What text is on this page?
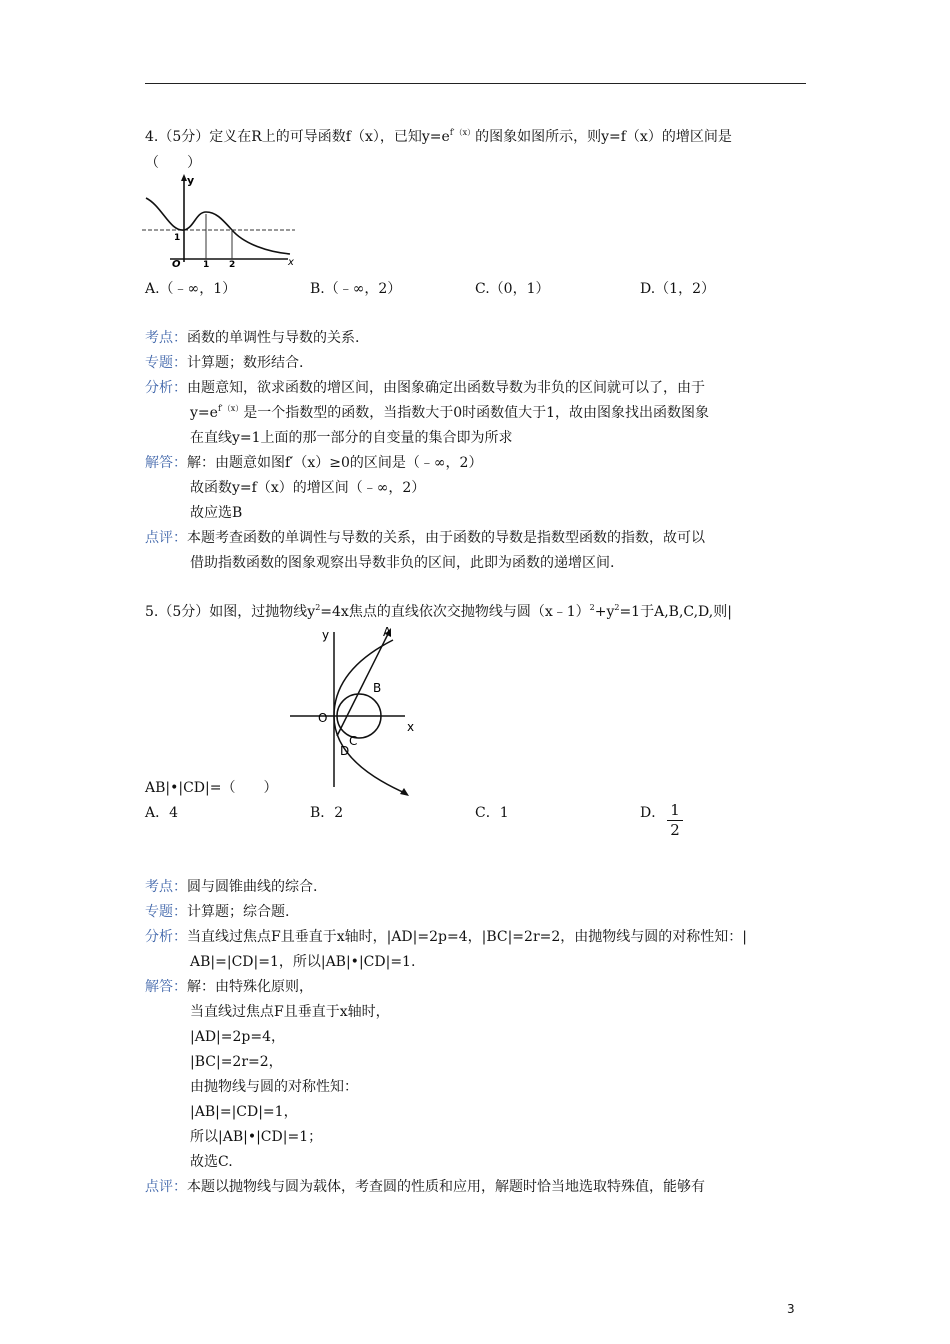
4.（5分）定义在R上的可导函数f（x），已知$y=e^{f'(x)}$的图象如图所示，则y=f（x）的增区间是
（　　）
y
x
O
1
1 2
A.（﹣∞，1）	B.（﹣∞，2）	C.（0，1）	D.（1，2）
考点：函数的单调性与导数的关系.
专题：计算题；数形结合.
分析：由题意知，欲求函数的增区间，由图象确定出函数导数为非负的区间就可以了，由于
$y=e^{f'(x)}$是一个指数型的函数，当指数大于0时函数值大于1，故由图象找出函数图象
在直线y=1上面的那一部分的自变量的集合即为所求
解答：解：由题意如图f′（x）≥0的区间是（﹣∞，2）
故函数y=f（x）的增区间（﹣∞，2）
故应选B
点评：本题考查函数的单调性与导数的关系，由于函数的导数是指数型函数的指数，故可以
借助指数函数的图象观察出导数非负的区间，此即为函数的递增区间.
5.（5分）如图，过抛物线$y^2=4x$焦点的直线依次交抛物线与圆$(x﹣1)^2+y^2=1$于A,B,C,D,则|
y
x
O
A
B
C
D
AB|•|CD|=（　　）
A．4	B．2	C．1	D． 1
2
考点：圆与圆锥曲线的综合.
专题：计算题；综合题.
分析：当直线过焦点F且垂直于x轴时，|AD|=2p=4，|BC|=2r=2，由抛物线与圆的对称性知：|
AB|=|CD|=1，所以|AB|•|CD|=1.
解答：解：由特殊化原则，
当直线过焦点F且垂直于x轴时，
|AD|=2p=4，
|BC|=2r=2，
由抛物线与圆的对称性知：
|AB|=|CD|=1，
所以|AB|•|CD|=1；
故选C.
点评：本题以抛物线与圆为载体，考查圆的性质和应用，解题时恰当地选取特殊值，能够有
3
